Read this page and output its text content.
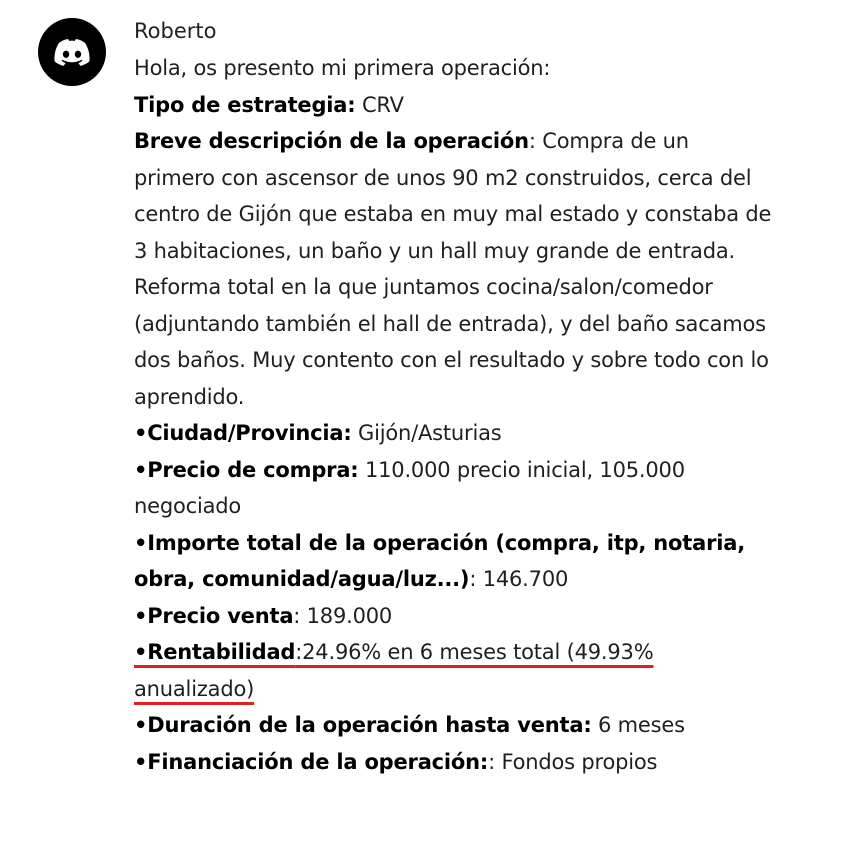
Roberto
Hola, os presento mi primera operación:
Tipo de estrategia: CRV
Breve descripción de la operación: Compra de un primero con ascensor de unos 90 m2 construidos, cerca del centro de Gijón que estaba en muy mal estado y constaba de 3 habitaciones, un baño y un hall muy grande de entrada. Reforma total en la que juntamos cocina/salon/comedor (adjuntando también el hall de entrada), y del baño sacamos dos baños. Muy contento con el resultado y sobre todo con lo aprendido.
•Ciudad/Provincia: Gijón/Asturias
•Precio de compra: 110.000 precio inicial, 105.000 negociado
•Importe total de la operación (compra, itp, notaria, obra, comunidad/agua/luz...): 146.700
•Precio venta: 189.000
•Rentabilidad:24.96% en 6 meses total (49.93% anualizado)
•Duración de la operación hasta venta: 6 meses
•Financiación de la operación:: Fondos propios
